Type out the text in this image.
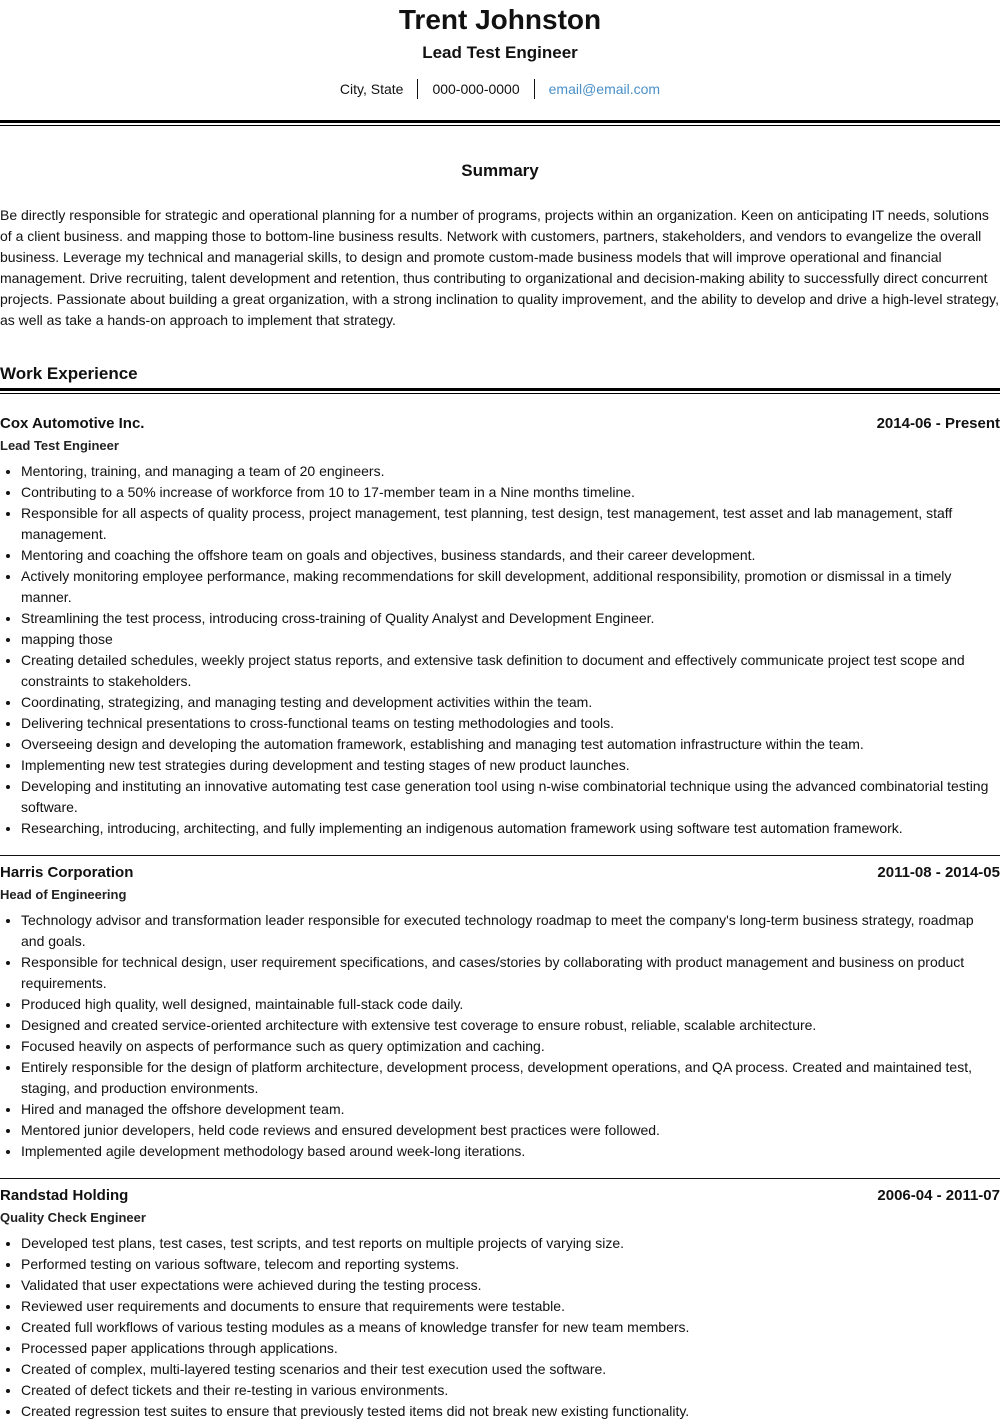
Trent Johnston
Lead Test Engineer
City, State	000-000-0000	email@email.com
Summary

Be directly responsible for strategic and operational planning for a number of programs, projects within an organization. Keen on anticipating IT needs, solutions of a client business. and mapping those to bottom-line business results. Network with customers, partners, stakeholders, and vendors to evangelize the overall business. Leverage my technical and managerial skills, to design and promote custom-made business models that will improve operational and financial management. Drive recruiting, talent development and retention, thus contributing to organizational and decision-making ability to successfully direct concurrent projects. Passionate about building a great organization, with a strong inclination to quality improvement, and the ability to develop and drive a high-level strategy, as well as take a hands-on approach to implement that strategy.

Work Experience
Cox Automotive Inc.	2014-06 - Present
Lead Test Engineer
• Mentoring, training, and managing a team of 20 engineers.
• Contributing to a 50% increase of workforce from 10 to 17-member team in a Nine months timeline.
• Responsible for all aspects of quality process, project management, test planning, test design, test management, test asset and lab management, staff management.
• Mentoring and coaching the offshore team on goals and objectives, business standards, and their career development.
• Actively monitoring employee performance, making recommendations for skill development, additional responsibility, promotion or dismissal in a timely manner.
• Streamlining the test process, introducing cross-training of Quality Analyst and Development Engineer.
• mapping those
• Creating detailed schedules, weekly project status reports, and extensive task definition to document and effectively communicate project test scope and constraints to stakeholders.
• Coordinating, strategizing, and managing testing and development activities within the team.
• Delivering technical presentations to cross-functional teams on testing methodologies and tools.
• Overseeing design and developing the automation framework, establishing and managing test automation infrastructure within the team.
• Implementing new test strategies during development and testing stages of new product launches.
• Developing and instituting an innovative automating test case generation tool using n-wise combinatorial technique using the advanced combinatorial testing software.
• Researching, introducing, architecting, and fully implementing an indigenous automation framework using software test automation framework.
Harris Corporation	2011-08 - 2014-05
Head of Engineering
• Technology advisor and transformation leader responsible for executed technology roadmap to meet the company's long-term business strategy, roadmap and goals.
• Responsible for technical design, user requirement specifications, and cases/stories by collaborating with product management and business on product requirements.
• Produced high quality, well designed, maintainable full-stack code daily.
• Designed and created service-oriented architecture with extensive test coverage to ensure robust, reliable, scalable architecture.
• Focused heavily on aspects of performance such as query optimization and caching.
• Entirely responsible for the design of platform architecture, development process, development operations, and QA process. Created and maintained test, staging, and production environments.
• Hired and managed the offshore development team.
• Mentored junior developers, held code reviews and ensured development best practices were followed.
• Implemented agile development methodology based around week-long iterations.
Randstad Holding	2006-04 - 2011-07
Quality Check Engineer
• Developed test plans, test cases, test scripts, and test reports on multiple projects of varying size.
• Performed testing on various software, telecom and reporting systems.
• Validated that user expectations were achieved during the testing process.
• Reviewed user requirements and documents to ensure that requirements were testable.
• Created full workflows of various testing modules as a means of knowledge transfer for new team members.
• Processed paper applications through applications.
• Created of complex, multi-layered testing scenarios and their test execution used the software.
• Created of defect tickets and their re-testing in various environments.
• Created regression test suites to ensure that previously tested items did not break new existing functionality.
